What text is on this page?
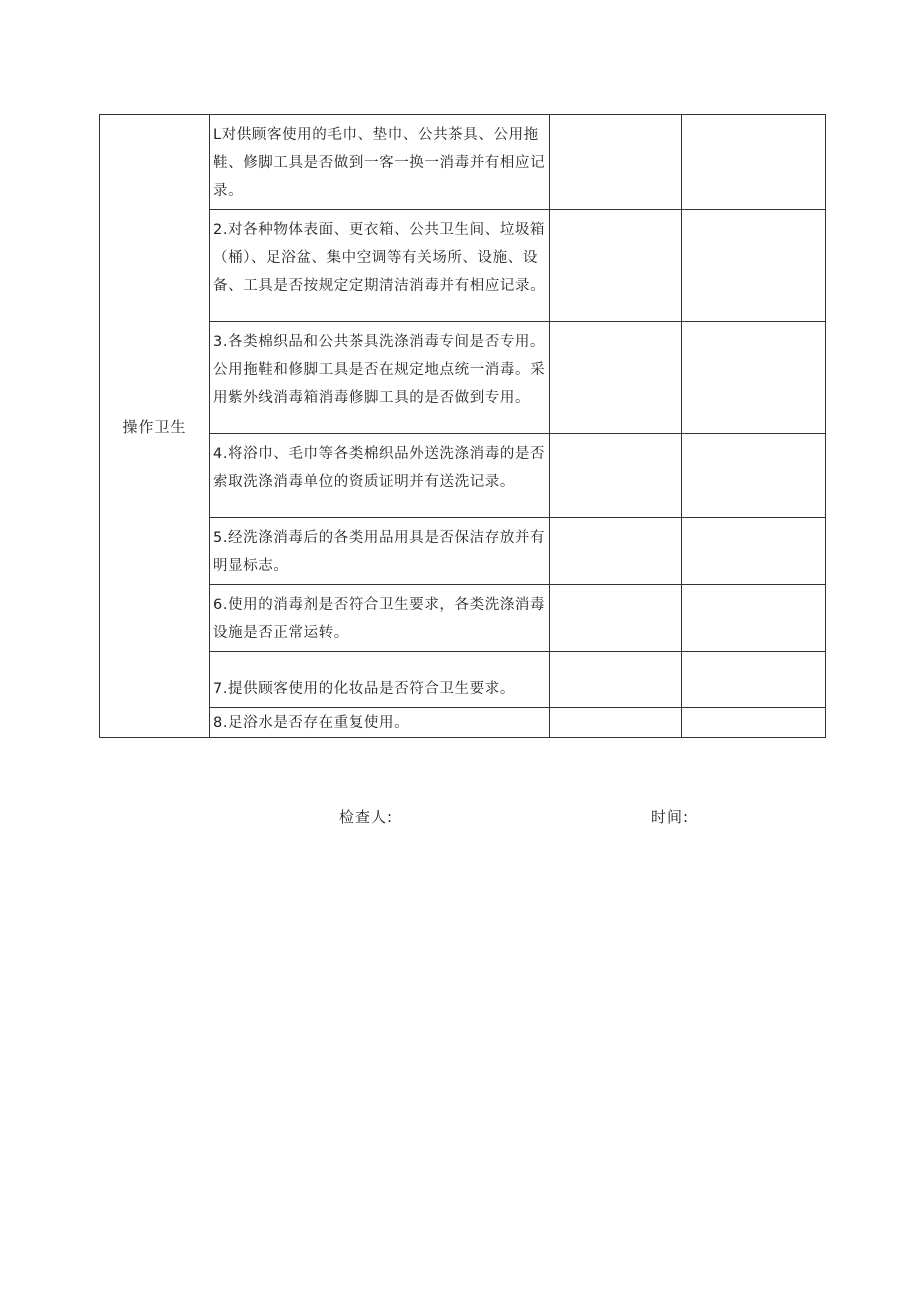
操作卫生	L对供顾客使用的毛巾、垫巾、公共茶具、公用拖鞋、修脚工具是否做到一客一换一消毒并有相应记录。		
	2.对各种物体表面、更衣箱、公共卫生间、垃圾箱（桶）、足浴盆、集中空调等有关场所、设施、设备、工具是否按规定定期清洁消毒并有相应记录。		
	3.各类棉织品和公共茶具洗涤消毒专间是否专用。公用拖鞋和修脚工具是否在规定地点统一消毒。采用紫外线消毒箱消毒修脚工具的是否做到专用。		
	4.将浴巾、毛巾等各类棉织品外送洗涤消毒的是否索取洗涤消毒单位的资质证明并有送洗记录。		
	5.经洗涤消毒后的各类用品用具是否保洁存放并有明显标志。		
	6.使用的消毒剂是否符合卫生要求，各类洗涤消毒设施是否正常运转。		
	7.提供顾客使用的化妆品是否符合卫生要求。		
	8.足浴水是否存在重复使用。		
检查人:	时间:
